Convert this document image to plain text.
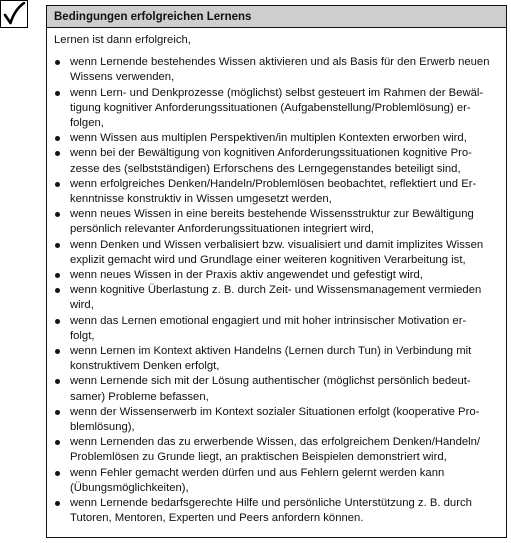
Bedingungen erfolgreichen Lernens
Lernen ist dann erfolgreich,
wenn Lernende bestehendes Wissen aktivieren und als Basis für den Erwerb neuen
Wissens verwenden,
wenn Lern- und Denkprozesse (möglichst) selbst gesteuert im Rahmen der Bewäl-
tigung kognitiver Anforderungssituationen (Aufgabenstellung/Problemlösung) er-
folgen,
wenn Wissen aus multiplen Perspektiven/in multiplen Kontexten erworben wird,
wenn bei der Bewältigung von kognitiven Anforderungssituationen kognitive Pro-
zesse des (selbstständigen) Erforschens des Lerngegenstandes beteiligt sind,
wenn erfolgreiches Denken/Handeln/Problemlösen beobachtet, reflektiert und Er-
kenntnisse konstruktiv in Wissen umgesetzt werden,
wenn neues Wissen in eine bereits bestehende Wissensstruktur zur Bewältigung
persönlich relevanter Anforderungssituationen integriert wird,
wenn Denken und Wissen verbalisiert bzw. visualisiert und damit implizites Wissen
explizit gemacht wird und Grundlage einer weiteren kognitiven Verarbeitung ist,
wenn neues Wissen in der Praxis aktiv angewendet und gefestigt wird,
wenn kognitive Überlastung z. B. durch Zeit- und Wissensmanagement vermieden
wird,
wenn das Lernen emotional engagiert und mit hoher intrinsischer Motivation er-
folgt,
wenn Lernen im Kontext aktiven Handelns (Lernen durch Tun) in Verbindung mit
konstruktivem Denken erfolgt,
wenn Lernende sich mit der Lösung authentischer (möglichst persönlich bedeut-
samer) Probleme befassen,
wenn der Wissenserwerb im Kontext sozialer Situationen erfolgt (kooperative Pro-
blemlösung),
wenn Lernenden das zu erwerbende Wissen, das erfolgreichem Denken/Handeln/
Problemlösen zu Grunde liegt, an praktischen Beispielen demonstriert wird,
wenn Fehler gemacht werden dürfen und aus Fehlern gelernt werden kann
(Übungsmöglichkeiten),
wenn Lernende bedarfsgerechte Hilfe und persönliche Unterstützung z. B. durch
Tutoren, Mentoren, Experten und Peers anfordern können.
